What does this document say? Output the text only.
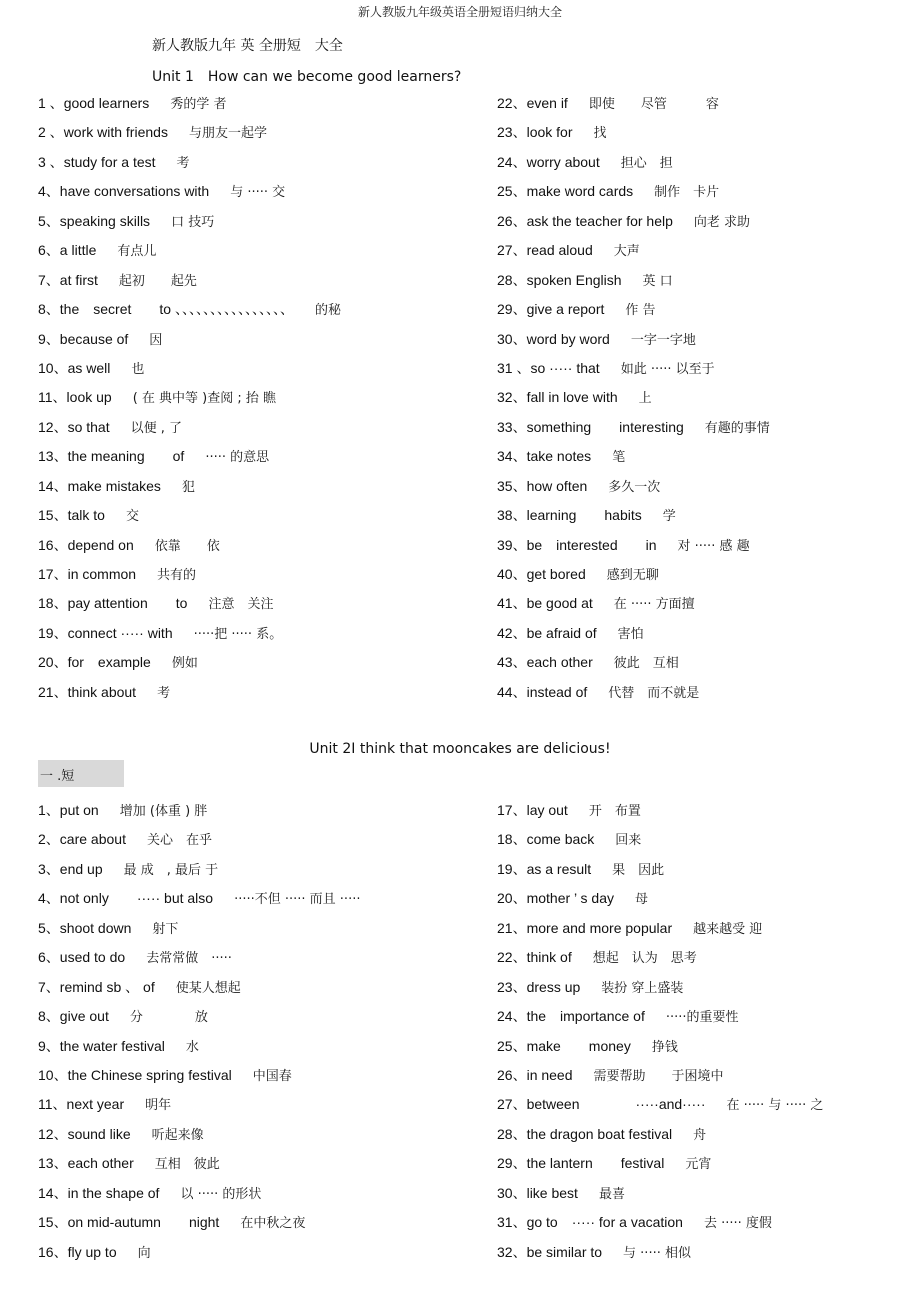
新人教版九年级英语全册短语归纳大全
新人教版九年 英 全册短　大全
Unit 1　How can we become good learners?
1 、good learners   秀的学 者
2 、work with friends   与朋友一起学
3 、study for a test   考
4、have conversations with   与 ····· 交
5、speaking skills   口 技巧
6、a little   有点儿
7、at first   起初　　起先
8、the　secret　　to 、、、、、、、、、、、、、、、、   的秘
9、because of   因
10、as well   也
11、look up   ( 在 典中等 )查阅 ; 抬 瞧
12、so that   以便 , 了
13、the meaning　　of   ····· 的意思
14、make mistakes   犯
15、talk to   交
16、depend on   依靠　　依
17、in common   共有的
18、pay attention　　to   注意　关注
19、connect ····· with   ·····把 ····· 系。
20、for　example   例如
21、think about   考
22、even if   即使　　尽管　　　容
23、look for   找
24、worry about   担心　担
25、make word cards   制作　卡片
26、ask the teacher for help   向老 求助
27、read aloud   大声
28、spoken English   英 口
29、give a report   作 告
30、word by word   一字一字地
31 、so ····· that   如此 ····· 以至于
32、fall in love with   上
33、something　　interesting   有趣的事情
34、take notes   笔
35、how often   多久一次
38、learning　　habits   学
39、be　interested　　in   对 ····· 感 趣
40、get bored   感到无聊
41、be good at   在 ····· 方面擅
42、be afraid of   害怕
43、each other   彼此　互相
44、instead of   代替　而不就是
Unit 2I think that mooncakes are delicious!
一 .短
1、put on   增加 (体重 ) 胖
2、care about   关心　在乎
3、end up   最 成　, 最后 于
4、not only　　····· but also   ·····不但 ····· 而且 ·····
5、shoot down   射下
6、used to do   去常常做　·····
7、remind sb 、 of   使某人想起
8、give out   分　　　　放
9、the water festival   水
10、the Chinese spring festival   中国春
11、next year   明年
12、sound like   听起来像
13、each other   互相　彼此
14、in the shape of   以 ····· 的形状
15、on mid-autumn　　night   在中秋之夜
16、fly up to   向
17、lay out   开　布置
18、come back   回来
19、as a result   果　因此
20、mother ’ s day   母
21、more and more popular   越来越受 迎
22、think of   想起　认为　思考
23、dress up   装扮 穿上盛装
24、the　importance of   ·····的重要性
25、make　　money   挣钱
26、in need   需要帮助　　于困境中
27、between　　　　·····and·····   在 ····· 与 ····· 之
28、the dragon boat festival   舟
29、the lantern　　festival   元宵
30、like best   最喜
31、go to　····· for a vacation   去 ····· 度假
32、be similar to   与 ····· 相似
